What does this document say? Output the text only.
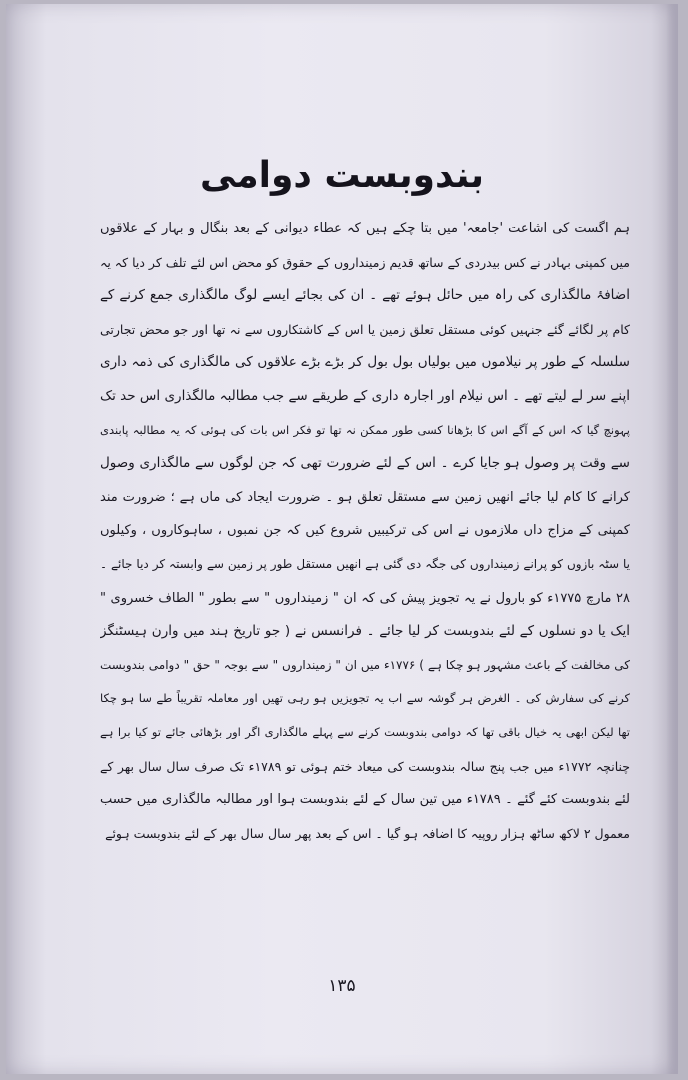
بندوبست دوامی
ہم اگست کی اشاعت 'جامعہ' میں بتا چکے ہیں کہ عطاء دیوانی کے بعد بنگال و بہار کے علاقوں
میں کمپنی بہادر نے کس بیدردی کے ساتھ قدیم زمینداروں کے حقوق کو محض اس لئے تلف کر دیا کہ یہ
اضافۂ مالگذاری کی راہ میں حائل ہوئے تھے ۔ ان کی بجائے ایسے لوگ مالگذاری جمع کرنے کے
کام پر لگائے گئے جنہیں کوئی مستقل تعلق زمین یا اس کے کاشتکاروں سے نہ تھا اور جو محض تجارتی
سلسلہ کے طور پر نیلاموں میں بولیاں بول بول کر بڑے بڑے علاقوں کی مالگذاری کی ذمہ داری
اپنے سر لے لیتے تھے ۔ اس نیلام اور اجارہ داری کے طریقے سے جب مطالبہ مالگذاری اس حد تک
پہونچ گیا کہ اس کے آگے اس کا بڑھانا کسی طور ممکن نہ تھا تو فکر اس بات کی ہوئی کہ یہ مطالبہ پابندی
سے وقت پر وصول ہو جایا کرے ۔ اس کے لئے ضرورت تھی کہ جن لوگوں سے مالگذاری وصول
کرانے کا کام لیا جائے انھیں زمین سے مستقل تعلق ہو ۔ ضرورت ایجاد کی ماں ہے ؛ ضرورت مند
کمپنی کے مزاج داں ملازموں نے اس کی ترکیبیں شروع کیں کہ جن نمبوں ، ساہوکاروں ، وکیلوں
یا سٹہ بازوں کو پرانے زمینداروں کی جگہ دی گئی ہے انھیں مستقل طور پر زمین سے وابستہ کر دیا جائے ۔
۲۸ مارچ ۱۷۷۵ء کو بارول نے یہ تجویز پیش کی کہ ان " زمینداروں " سے بطور " الطاف خسروی "
ایک یا دو نسلوں کے لئے بندوبست کر لیا جائے ۔ فرانسس نے ( جو تاریخ ہند میں وارن ہیسٹنگز
کی مخالفت کے باعث مشہور ہو چکا ہے ) ۱۷۷۶ء میں ان " زمینداروں " سے بوجہ " حق " دوامی بندوبست
کرنے کی سفارش کی ۔ الغرض ہر گوشہ سے اب یہ تجویزیں ہو رہی تھیں اور معاملہ تقریباً طے سا ہو چکا
تھا لیکن ابھی یہ خیال باقی تھا کہ دوامی بندوبست کرنے سے پہلے مالگذاری اگر اور بڑھائی جائے تو کیا برا ہے
چنانچہ ۱۷۷۲ء میں جب پنج سالہ بندوبست کی میعاد ختم ہوئی تو ۱۷۸۹ء تک صرف سال سال بھر کے
لئے بندوبست کئے گئے ۔ ۱۷۸۹ء میں تین سال کے لئے بندوبست ہوا اور مطالبہ مالگذاری میں حسب
معمول ۲ لاکھ ساٹھ ہزار روپیہ کا اضافہ ہو گیا ۔ اس کے بعد پھر سال سال بھر کے لئے بندوبست ہوئے

۱۳۵
